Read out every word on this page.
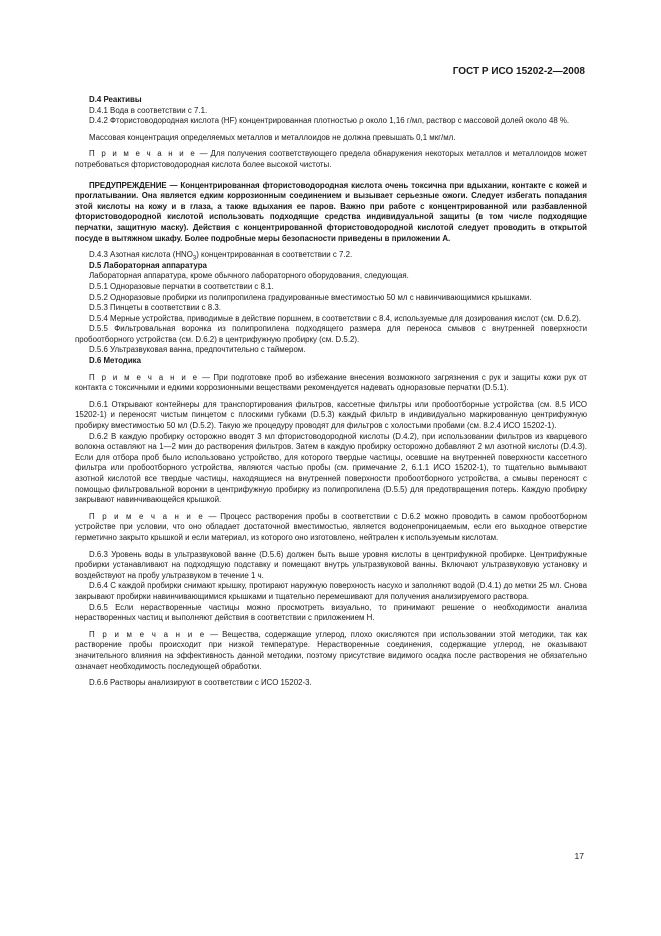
ГОСТ Р ИСО 15202-2—2008

D.4 Реактивы

D.4.1 Вода в соответствии с 7.1.

D.4.2 Фтористоводородная кислота (HF) концентрированная плотностью ρ около 1,16 г/мл, раствор с массовой долей около 48 %.

Массовая концентрация определяемых металлов и металлоидов не должна превышать 0,1 мкг/мл.

П р и м е ч а н и е — Для получения соответствующего предела обнаружения некоторых металлов и металлоидов может потребоваться фтористоводородная кислота более высокой чистоты.

ПРЕДУПРЕЖДЕНИЕ — Концентрированная фтористоводородная кислота очень токсична при вдыхании, контакте с кожей и проглатывании. Она является едким коррозионным соединением и вызывает серьезные ожоги. Следует избегать попадания этой кислоты на кожу и в глаза, а также вдыхания ее паров. Важно при работе с концентрированной или разбавленной фтористоводородной кислотой использовать подходящие средства индивидуальной защиты (в том числе подходящие перчатки, защитную маску). Действия с концентрированной фтористоводородной кислотой следует проводить в открытой посуде в вытяжном шкафу. Более подробные меры безопасности приведены в приложении А.

D.4.3 Азотная кислота $(HNO_3)$ концентрированная в соответствии с 7.2.

D.5 Лабораторная аппаратура

Лабораторная аппаратура, кроме обычного лабораторного оборудования, следующая.

D.5.1 Одноразовые перчатки в соответствии с 8.1.

D.5.2 Одноразовые пробирки из полипропилена градуированные вместимостью 50 мл с навинчивающимися крышками.

D.5.3 Пинцеты в соответствии с 8.3.

D.5.4 Мерные устройства, приводимые в действие поршнем, в соответствии с 8.4, используемые для дозирования кислот (см. D.6.2).

D.5.5 Фильтровальная воронка из полипропилена подходящего размера для переноса смывов с внутренней поверхности пробоотборного устройства (см. D.6.2) в центрифужную пробирку (см. D.5.2).

D.5.6 Ультразвуковая ванна, предпочтительно с таймером.

D.6 Методика

П р и м е ч а н и е — При подготовке проб во избежание внесения возможного загрязнения с рук и защиты кожи рук от контакта с токсичными и едкими коррозионными веществами рекомендуется надевать одноразовые перчатки (D.5.1).

D.6.1 Открывают контейнеры для транспортирования фильтров, кассетные фильтры или пробоотборные устройства (см. 8.5 ИСО 15202-1) и переносят чистым пинцетом с плоскими губками (D.5.3) каждый фильтр в индивидуально маркированную центрифужную пробирку вместимостью 50 мл (D.5.2). Такую же процедуру проводят для фильтров с холостыми пробами (см. 8.2.4 ИСО 15202-1).

D.6.2 В каждую пробирку осторожно вводят 3 мл фтористоводородной кислоты (D.4.2), при использовании фильтров из кварцевого волокна оставляют на 1—2 мин до растворения фильтров. Затем в каждую пробирку осторожно добавляют 2 мл азотной кислоты (D.4.3). Если для отбора проб было использовано устройство, для которого твердые частицы, осевшие на внутренней поверхности кассетного фильтра или пробоотборного устройства, являются частью пробы (см. примечание 2, 6.1.1 ИСО 15202-1), то тщательно вымывают азотной кислотой все твердые частицы, находящиеся на внутренней поверхности пробоотборного устройства, а смывы переносят с помощью фильтровальной воронки в центрифужную пробирку из полипропилена (D.5.5) для предотвращения потерь. Каждую пробирку закрывают навинчивающейся крышкой.

П р и м е ч а н и е — Процесс растворения пробы в соответствии с D.6.2 можно проводить в самом пробоотборном устройстве при условии, что оно обладает достаточной вместимостью, является водонепроницаемым, если его выходное отверстие герметично закрыто крышкой и если материал, из которого оно изготовлено, нейтрален к используемым кислотам.

D.6.3 Уровень воды в ультразвуковой ванне (D.5.6) должен быть выше уровня кислоты в центрифужной пробирке. Центрифужные пробирки устанавливают на подходящую подставку и помещают внутрь ультразвуковой ванны. Включают ультразвуковую установку и воздействуют на пробу ультразвуком в течение 1 ч.

D.6.4 С каждой пробирки снимают крышку, протирают наружную поверхность насухо и заполняют водой (D.4.1) до метки 25 мл. Снова закрывают пробирки навинчивающимися крышками и тщательно перемешивают для получения анализируемого раствора.

D.6.5 Если нерастворенные частицы можно просмотреть визуально, то принимают решение о необходимости анализа нерастворенных частиц и выполняют действия в соответствии с приложением Н.

П р и м е ч а н и е — Вещества, содержащие углерод, плохо окисляются при использовании этой методики, так как растворение пробы происходит при низкой температуре. Нерастворенные соединения, содержащие углерод, не оказывают значительного влияния на эффективность данной методики, поэтому присутствие видимого осадка после растворения не обязательно означает необходимость последующей обработки.

D.6.6 Растворы анализируют в соответствии с ИСО 15202-3.

17
